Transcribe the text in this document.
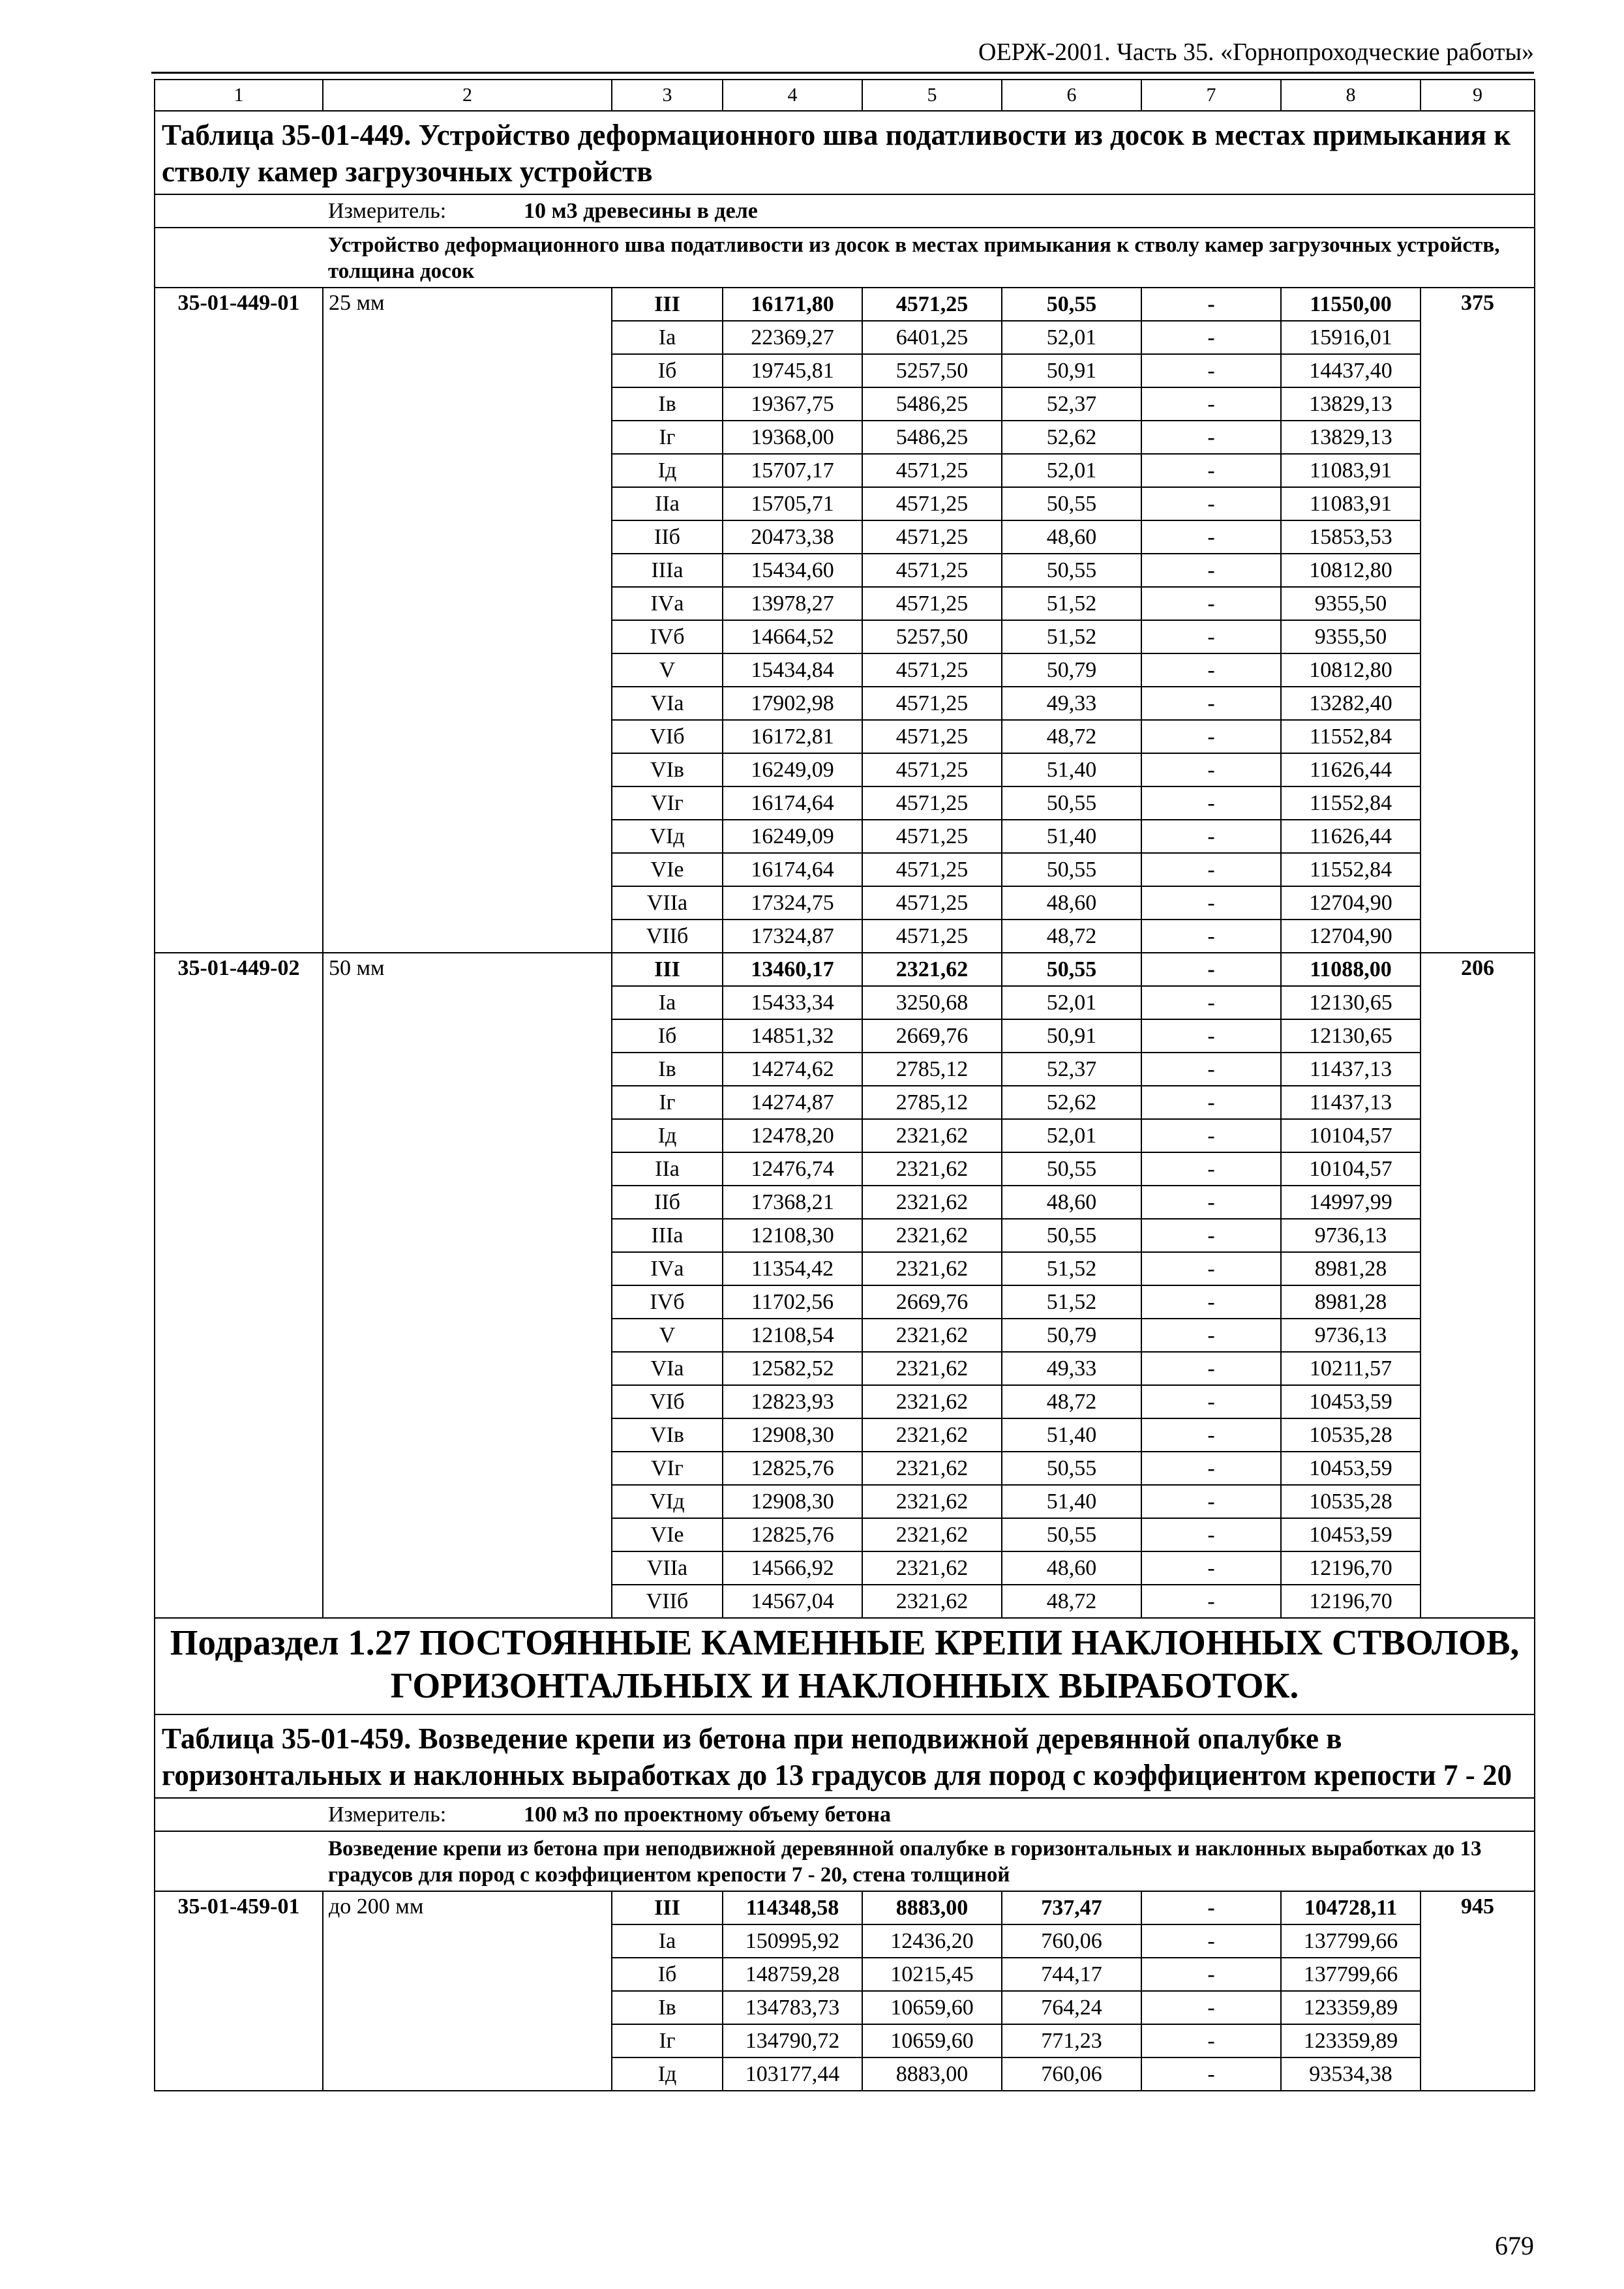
ОЕРЖ-2001. Часть 35. «Горнопроходческие работы»
1	2	3	4	5	6	7	8	9
Таблица 35-01-449. Устройство деформационного шва податливости из досок в местах примыкания к стволу камер загрузочных устройств								
	Измеритель: 10 м3 древесины в деле							
	Устройство деформационного шва податливости из досок в местах примыкания к стволу камер загрузочных устройств, толщина досок							
35-01-449-01	25 мм	III	16171,80	4571,25	50,55	-	11550,00	375
		Iа	22369,27	6401,25	52,01	-	15916,01	
		Iб	19745,81	5257,50	50,91	-	14437,40	
		Iв	19367,75	5486,25	52,37	-	13829,13	
		Iг	19368,00	5486,25	52,62	-	13829,13	
		Iд	15707,17	4571,25	52,01	-	11083,91	
		IIа	15705,71	4571,25	50,55	-	11083,91	
		IIб	20473,38	4571,25	48,60	-	15853,53	
		IIIа	15434,60	4571,25	50,55	-	10812,80	
		IVа	13978,27	4571,25	51,52	-	9355,50	
		IVб	14664,52	5257,50	51,52	-	9355,50	
		V	15434,84	4571,25	50,79	-	10812,80	
		VIа	17902,98	4571,25	49,33	-	13282,40	
		VIб	16172,81	4571,25	48,72	-	11552,84	
		VIв	16249,09	4571,25	51,40	-	11626,44	
		VIг	16174,64	4571,25	50,55	-	11552,84	
		VIд	16249,09	4571,25	51,40	-	11626,44	
		VIе	16174,64	4571,25	50,55	-	11552,84	
		VIIа	17324,75	4571,25	48,60	-	12704,90	
		VIIб	17324,87	4571,25	48,72	-	12704,90	
35-01-449-02	50 мм	III	13460,17	2321,62	50,55	-	11088,00	206
		Iа	15433,34	3250,68	52,01	-	12130,65	
		Iб	14851,32	2669,76	50,91	-	12130,65	
		Iв	14274,62	2785,12	52,37	-	11437,13	
		Iг	14274,87	2785,12	52,62	-	11437,13	
		Iд	12478,20	2321,62	52,01	-	10104,57	
		IIа	12476,74	2321,62	50,55	-	10104,57	
		IIб	17368,21	2321,62	48,60	-	14997,99	
		IIIа	12108,30	2321,62	50,55	-	9736,13	
		IVа	11354,42	2321,62	51,52	-	8981,28	
		IVб	11702,56	2669,76	51,52	-	8981,28	
		V	12108,54	2321,62	50,79	-	9736,13	
		VIа	12582,52	2321,62	49,33	-	10211,57	
		VIб	12823,93	2321,62	48,72	-	10453,59	
		VIв	12908,30	2321,62	51,40	-	10535,28	
		VIг	12825,76	2321,62	50,55	-	10453,59	
		VIд	12908,30	2321,62	51,40	-	10535,28	
		VIе	12825,76	2321,62	50,55	-	10453,59	
		VIIа	14566,92	2321,62	48,60	-	12196,70	
		VIIб	14567,04	2321,62	48,72	-	12196,70	
Подраздел 1.27 ПОСТОЯННЫЕ КАМЕННЫЕ КРЕПИ НАКЛОННЫХ СТВОЛОВ, ГОРИЗОНТАЛЬНЫХ И НАКЛОННЫХ ВЫРАБОТОК.								
Таблица 35-01-459. Возведение крепи из бетона при неподвижной деревянной опалубке в горизонтальных и наклонных выработках до 13 градусов для пород с коэффициентом крепости 7 - 20								
	Измеритель: 100 м3 по проектному объему бетона							
	Возведение крепи из бетона при неподвижной деревянной опалубке в горизонтальных и наклонных выработках до 13 градусов для пород с коэффициентом крепости 7 - 20, стена толщиной							
35-01-459-01	до 200 мм	III	114348,58	8883,00	737,47	-	104728,11	945
		Iа	150995,92	12436,20	760,06	-	137799,66	
		Iб	148759,28	10215,45	744,17	-	137799,66	
		Iв	134783,73	10659,60	764,24	-	123359,89	
		Iг	134790,72	10659,60	771,23	-	123359,89	
		Iд	103177,44	8883,00	760,06	-	93534,38	
679
